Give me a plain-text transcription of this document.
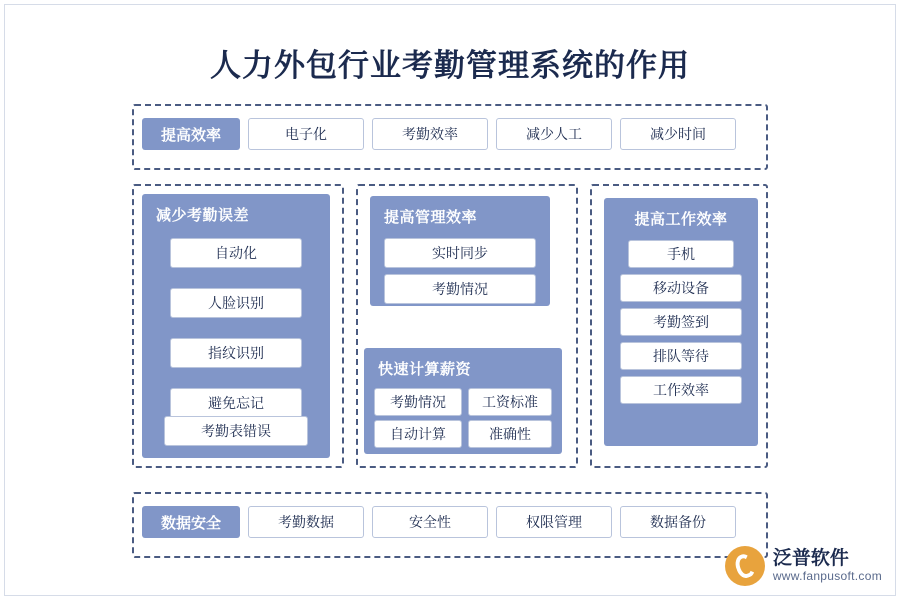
人力外包行业考勤管理系统的作用
提高效率	电子化	考勤效率	减少人工	减少时间
减少考勤误差
自动化
人脸识别
指纹识别
避免忘记
考勤表错误
提高管理效率
实时同步
考勤情况
快速计算薪资
考勤情况	工资标准
自动计算	准确性
提高工作效率
手机
移动设备
考勤签到
排队等待
工作效率
数据安全	考勤数据	安全性	权限管理	数据备份
泛普软件
www.fanpusoft.com
